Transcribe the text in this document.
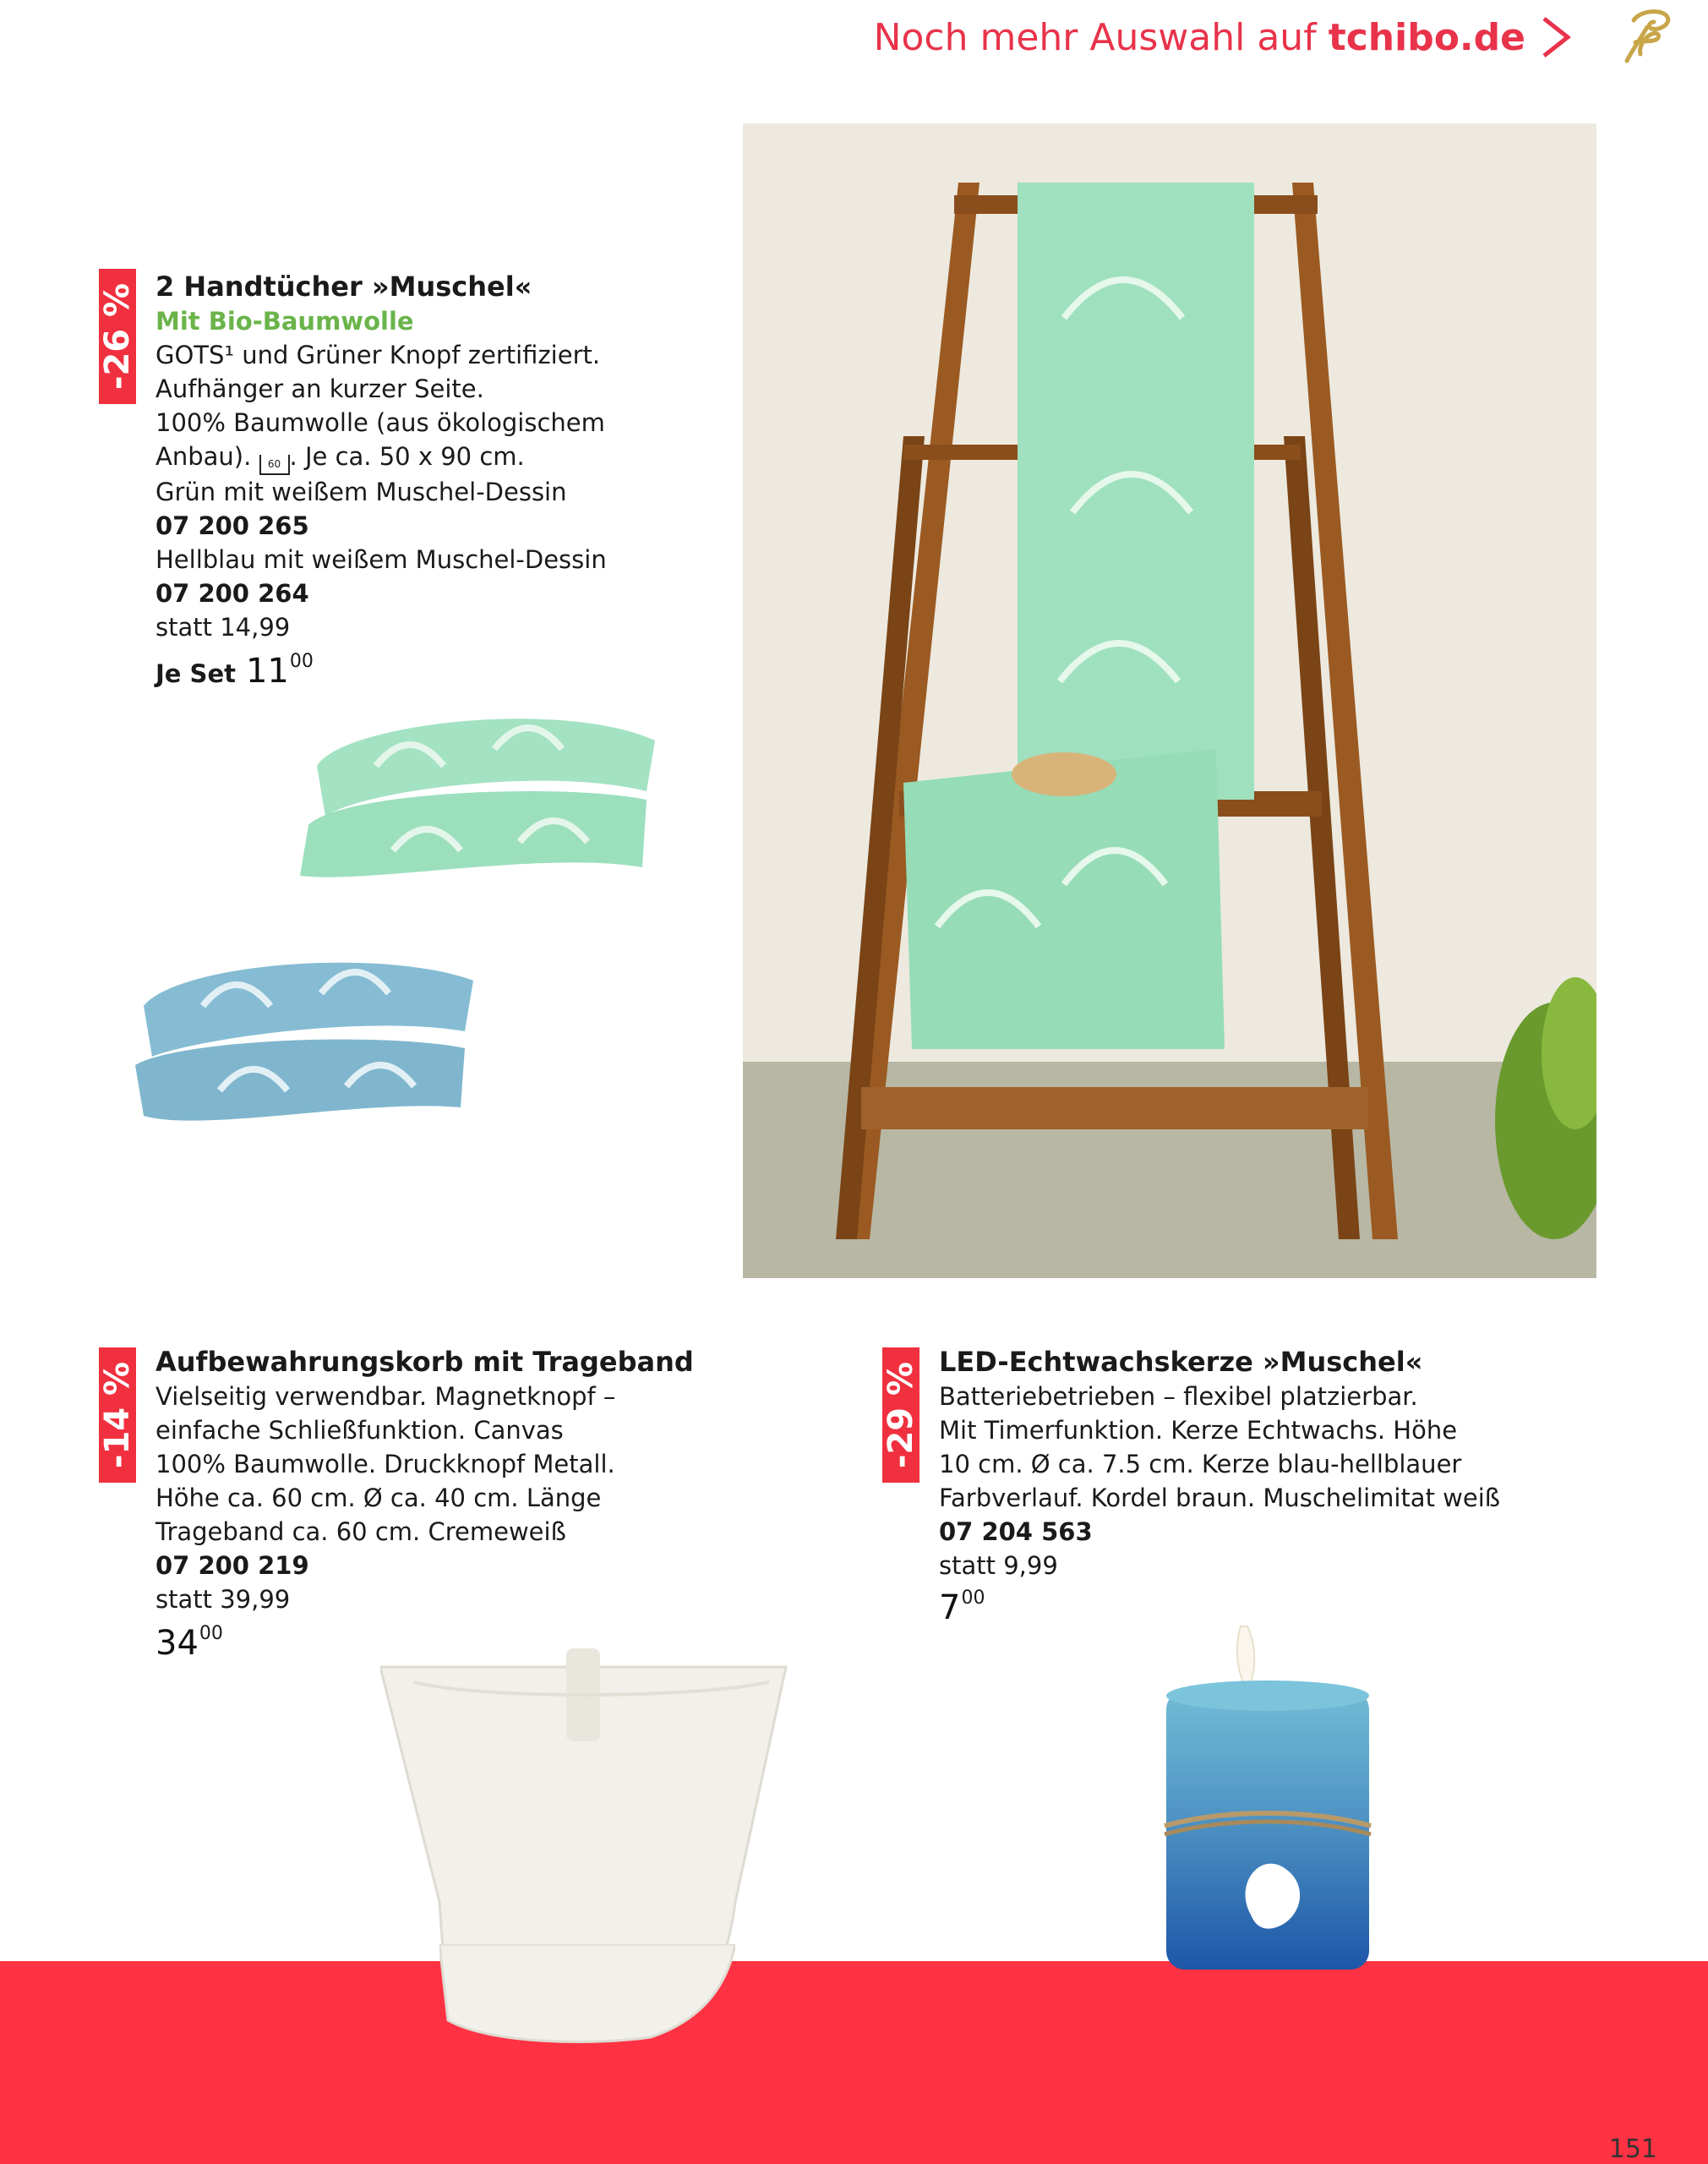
Noch mehr Auswahl auf tchibo.de
-26 % 2 Handtücher »Muschel«
Mit Bio-Baumwolle
GOTS¹ und Grüner Knopf zertifiziert.
Aufhänger an kurzer Seite.
100% Baumwolle (aus ökologischem
Anbau). 60 . Je ca. 50 x 90 cm.
Grün mit weißem Muschel-Dessin
07 200 265
Hellblau mit weißem Muschel-Dessin
07 200 264
statt 14,99
Je Set $11^{00}$
-14 % Aufbewahrungskorb mit Trageband
Vielseitig verwendbar. Magnetknopf –
einfache Schließfunktion. Canvas
100% Baumwolle. Druckknopf Metall.
Höhe ca. 60 cm. Ø ca. 40 cm. Länge
Trageband ca. 60 cm. Cremeweiß
07 200 219
statt 39,99
$34^{00}$
-29 % LED-Echtwachskerze »Muschel«
Batteriebetrieben – flexibel platzierbar.
Mit Timerfunktion. Kerze Echtwachs. Höhe
10 cm. Ø ca. 7.5 cm. Kerze blau-hellblauer
Farbverlauf. Kordel braun. Muschelimitat weiß
07 204 563
statt 9,99
$7^{00}$
151
